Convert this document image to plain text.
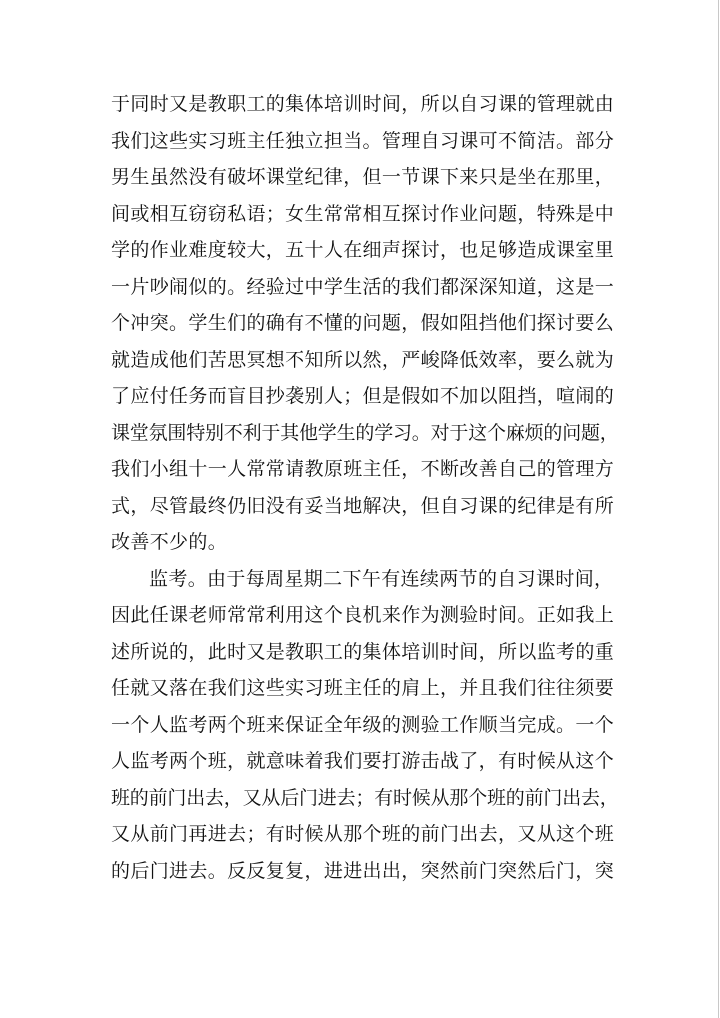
于同时又是教职工的集体培训时间，所以自习课的管理就由
我们这些实习班主任独立担当。管理自习课可不简洁。部分
男生虽然没有破坏课堂纪律，但一节课下来只是坐在那里，
间或相互窃窃私语；女生常常相互探讨作业问题，特殊是中
学的作业难度较大，五十人在细声探讨，也足够造成课室里
一片吵闹似的。经验过中学生活的我们都深深知道，这是一
个冲突。学生们的确有不懂的问题，假如阻挡他们探讨要么
就造成他们苦思冥想不知所以然，严峻降低效率，要么就为
了应付任务而盲目抄袭别人；但是假如不加以阻挡，喧闹的
课堂氛围特别不利于其他学生的学习。对于这个麻烦的问题，
我们小组十一人常常请教原班主任，不断改善自己的管理方
式，尽管最终仍旧没有妥当地解决，但自习课的纪律是有所
改善不少的。
监考。由于每周星期二下午有连续两节的自习课时间，
因此任课老师常常利用这个良机来作为测验时间。正如我上
述所说的，此时又是教职工的集体培训时间，所以监考的重
任就又落在我们这些实习班主任的肩上，并且我们往往须要
一个人监考两个班来保证全年级的测验工作顺当完成。一个
人监考两个班，就意味着我们要打游击战了，有时候从这个
班的前门出去，又从后门进去；有时候从那个班的前门出去，
又从前门再进去；有时候从那个班的前门出去，又从这个班
的后门进去。反反复复，进进出出，突然前门突然后门，突
